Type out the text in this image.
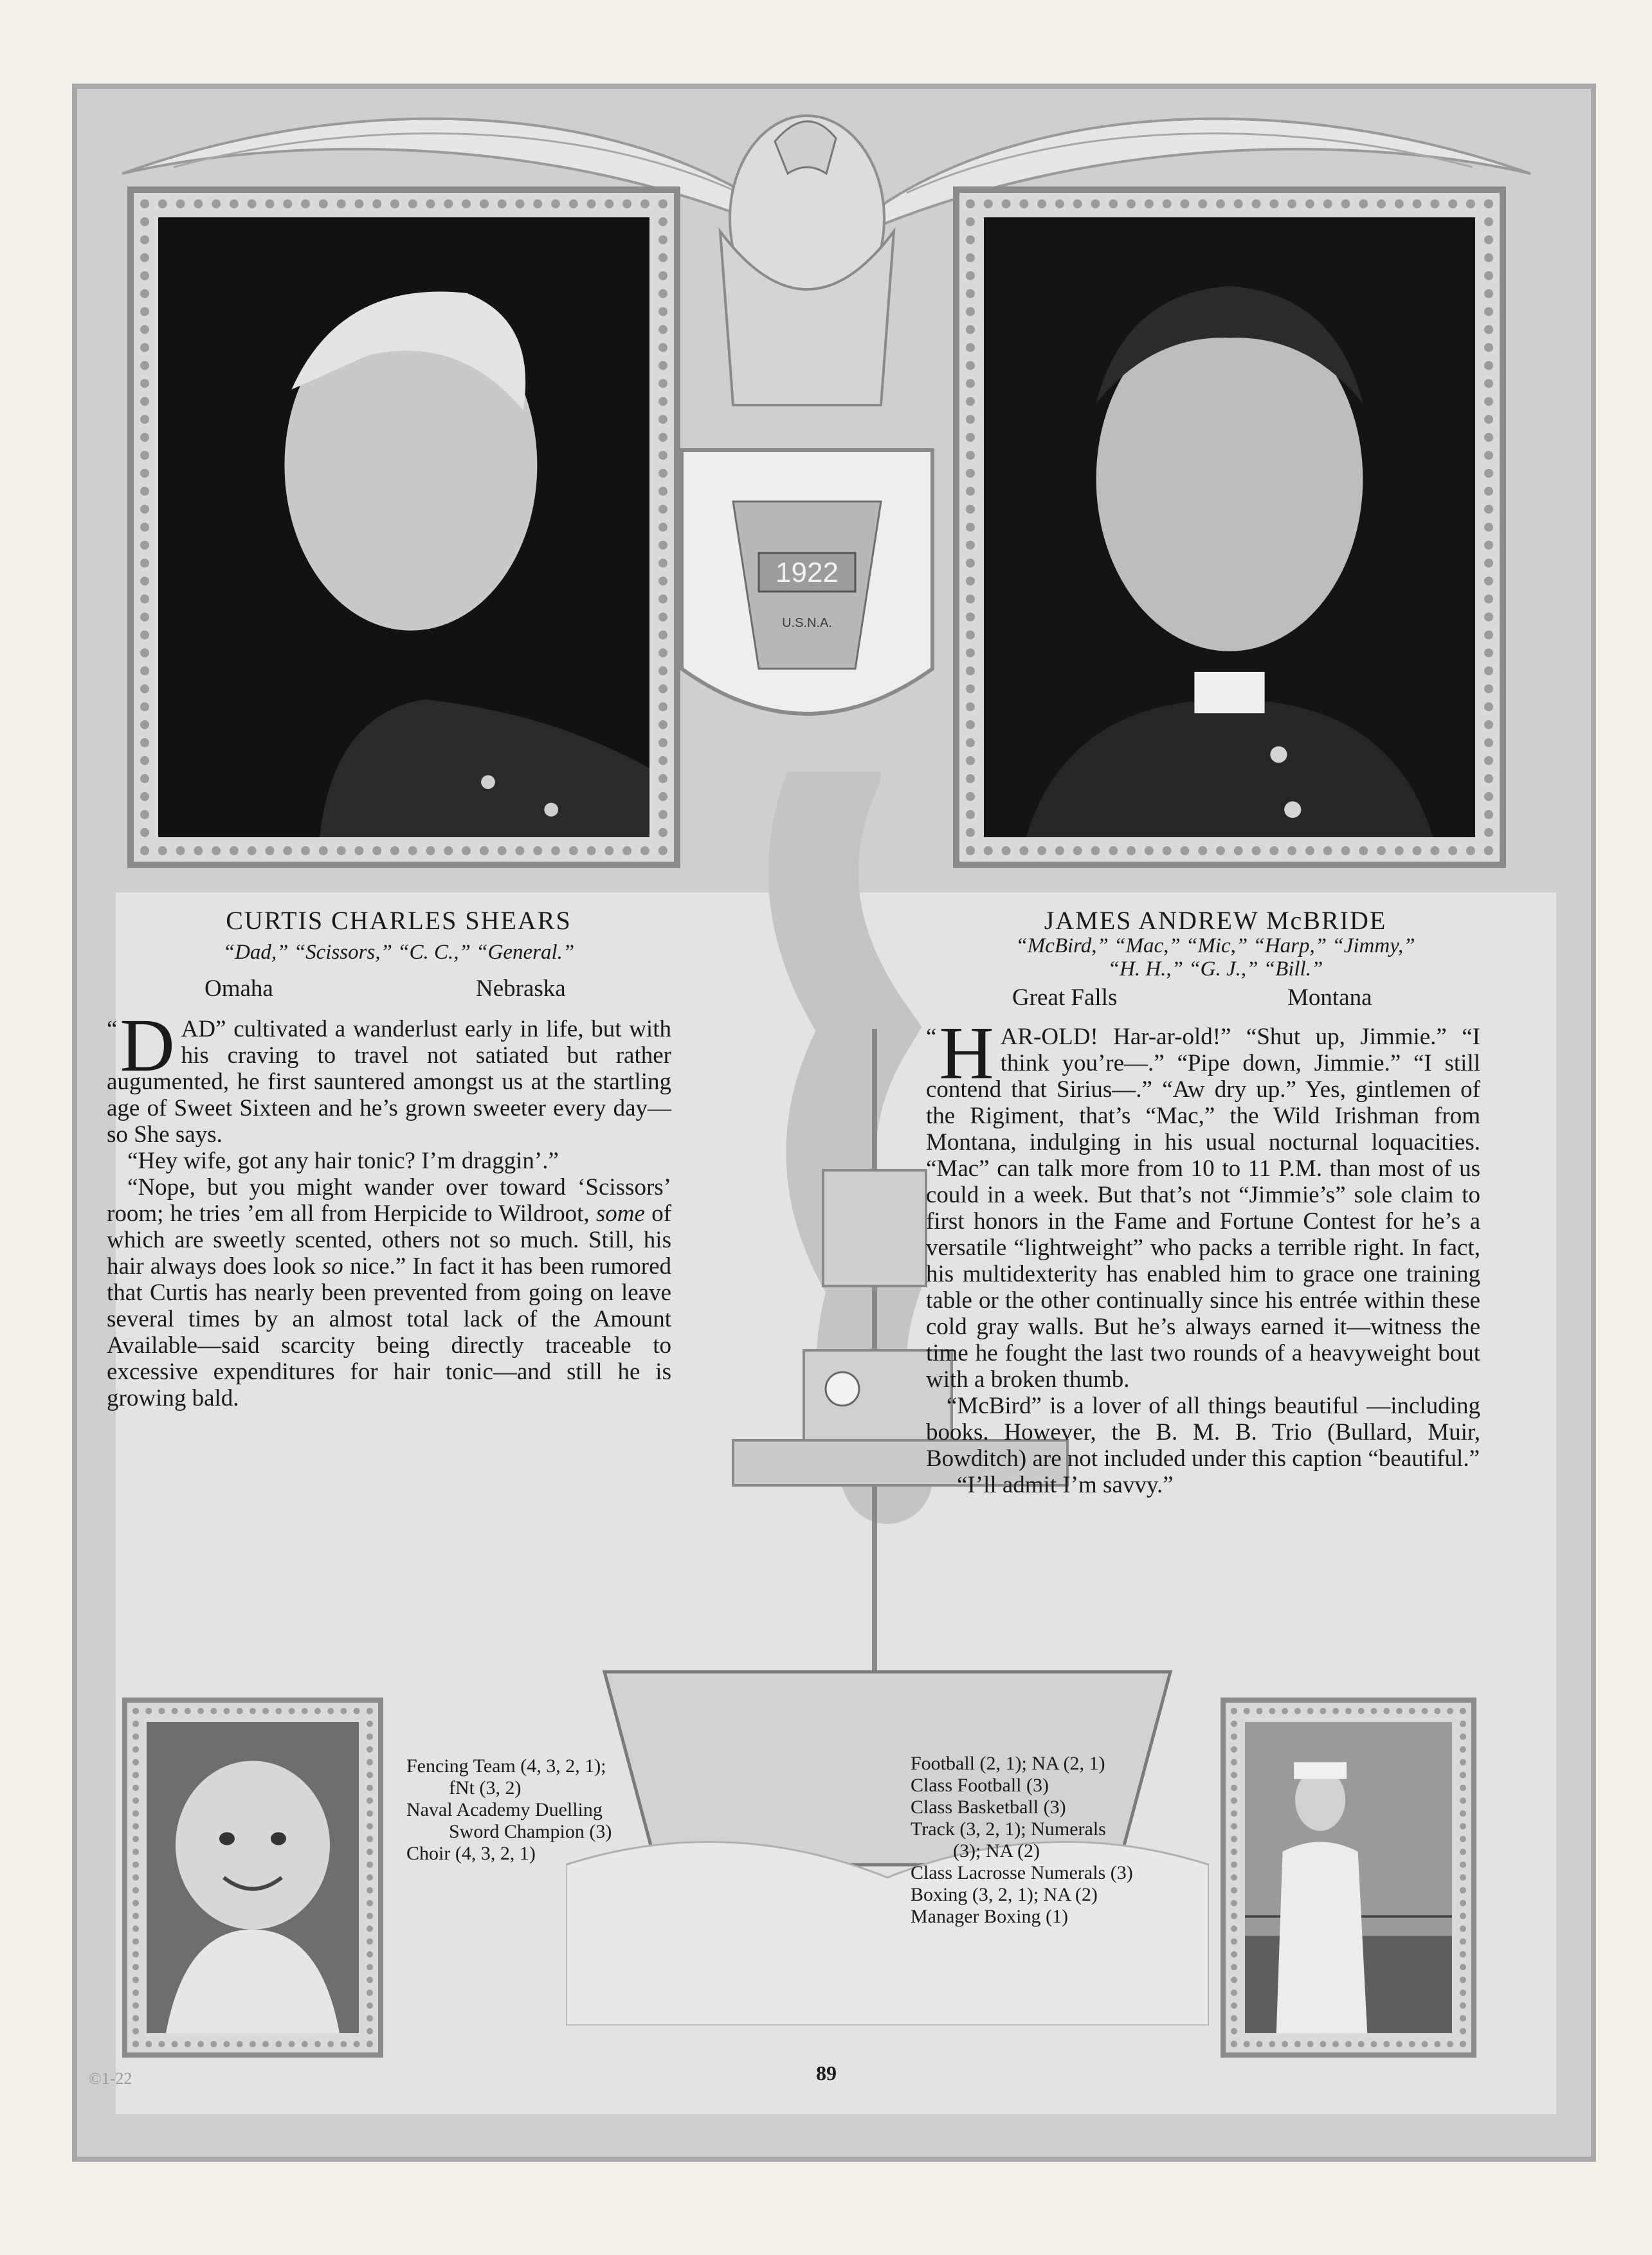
1922
U.S.N.A.
CURTIS CHARLES SHEARS
“Dad,” “Scissors,” “C. C.,” “General.”
Omaha	Nebraska

“ D AD” cultivated a wanderlust early in life, but with his craving to travel not satiated but rather augumented, he first sauntered amongst us at the startling age of Sweet Sixteen and he’s grown sweeter every day—so She says.

“Hey wife, got any hair tonic? I’m draggin’.”

“Nope, but you might wander over toward ‘Scissors’ room; he tries ’em all from Herpicide to Wildroot, some of which are sweetly scented, others not so much. Still, his hair always does look so nice.” In fact it has been rumored that Curtis has nearly been prevented from going on leave several times by an almost total lack of the Amount Available—said scarcity being directly traceable to excessive expenditures for hair tonic—and still he is growing bald.

JAMES ANDREW McBRIDE
“McBird,” “Mac,” “Mic,” “Harp,” “Jimmy,”
“H. H.,” “G. J.,” “Bill.”
Great Falls	Montana

“ H AR-OLD! Har-ar-old!” “Shut up, Jimmie.” “I think you’re—.” “Pipe down, Jimmie.” “I still contend that Sirius—.” “Aw dry up.” Yes, gintlemen of the Rigiment, that’s “Mac,” the Wild Irishman from Montana, indulging in his usual nocturnal loquacities. “Mac” can talk more from 10 to 11 P.M. than most of us could in a week. But that’s not “Jimmie’s” sole claim to first honors in the Fame and Fortune Contest for he’s a versatile “lightweight” who packs a terrible right. In fact, his multidexterity has enabled him to grace one training table or the other continually since his entrée within these cold gray walls. But he’s always earned it—witness the time he fought the last two rounds of a heavyweight bout with a broken thumb.

“McBird” is a lover of all things beautiful —including books. However, the B. M. B. Trio (Bullard, Muir, Bowditch) are not included under this caption “beautiful.”

“I’ll admit I’m savvy.”

Fencing Team (4, 3, 2, 1);
fNt (3, 2)
Naval Academy Duelling
Sword Champion (3)
Choir (4, 3, 2, 1)
Football (2, 1); NA (2, 1)
Class Football (3)
Class Basketball (3)
Track (3, 2, 1); Numerals
(3); NA (2)
Class Lacrosse Numerals (3)
Boxing (3, 2, 1); NA (2)
Manager Boxing (1)
89
©1-22
